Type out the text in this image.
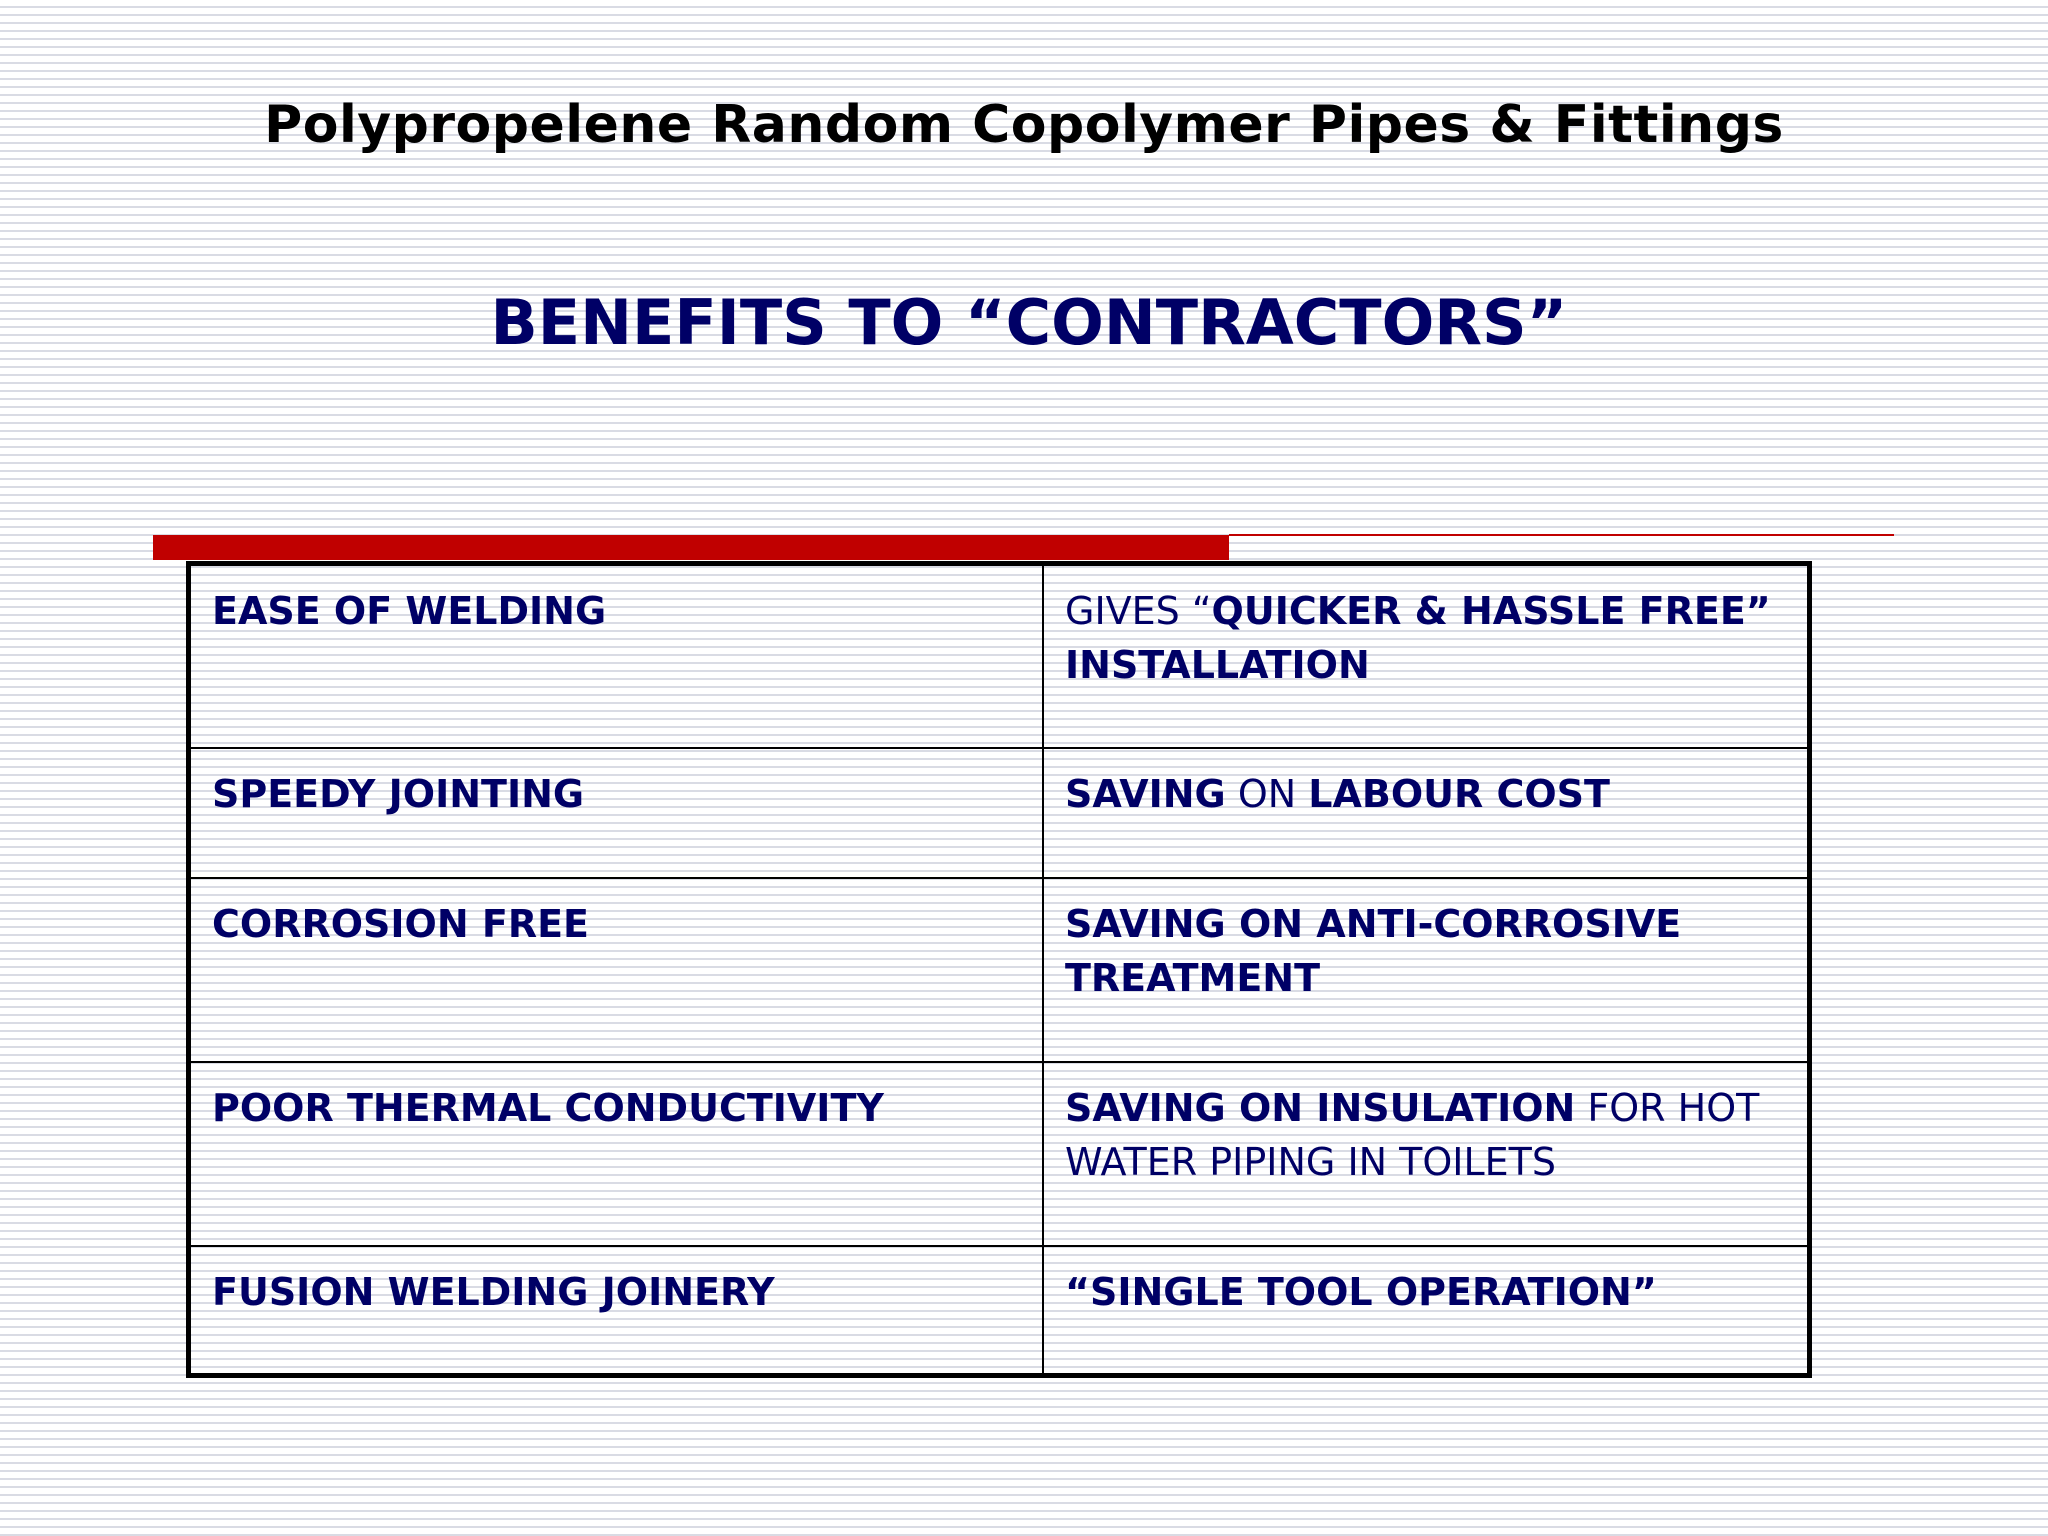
Polypropelene Random Copolymer Pipes & Fittings
BENEFITS TO “CONTRACTORS”
EASE OF WELDING	GIVES “QUICKER & HASSLE FREE” INSTALLATION
SPEEDY JOINTING	SAVING ON LABOUR COST
CORROSION FREE	SAVING ON ANTI-CORROSIVE TREATMENT
POOR THERMAL CONDUCTIVITY	SAVING ON INSULATION FOR HOT WATER PIPING IN TOILETS
FUSION WELDING JOINERY	“SINGLE TOOL OPERATION”
